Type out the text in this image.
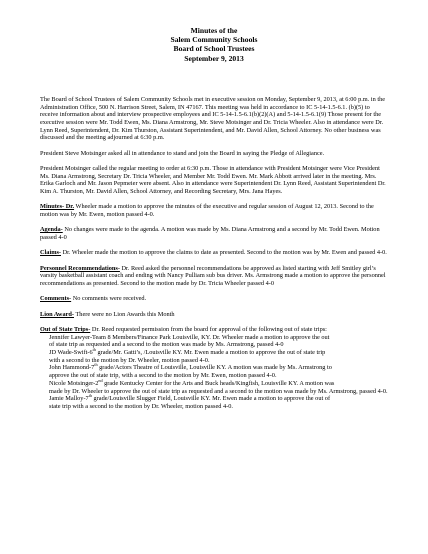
Minutes of the
Salem Community Schools
Board of School Trustees
September 9, 2013

The Board of School Trustees of Salem Community Schools met in executive session on Monday, September 9, 2013, at 6:00 p.m. in the Administration Office, 500 N. Harrison Street, Salem, IN 47167. This meeting was held in accordance to IC 5-14-1.5-6.1. (b)(5) to receive information about and interview prospective employees and IC 5-14-1.5-6.1(b)(2)(A) and 5-14-1.5-6.1(9) Those present for the executive session were Mr. Todd Ewen, Ms. Diana Armstrong, Mr. Steve Motsinger and Dr. Tricia Wheeler. Also in attendance were Dr. Lynn Reed, Superintendent, Dr. Kim Thurston, Assistant Superintendent, and Mr. David Allen, School Attorney. No other business was discussed and the meeting adjourned at 6:30 p.m.

President Steve Motsinger asked all in attendance to stand and join the Board in saying the Pledge of Allegiance.

President Motsinger called the regular meeting to order at 6:30 p.m. Those in attendance with President Motsinger were Vice President Ms. Diana Armstrong, Secretary Dr. Tricia Wheeler, and Member Mr. Todd Ewen. Mr. Mark Abbott arrived later in the meeting. Mrs. Erika Garloch and Mr. Jason Pepmeier were absent. Also in attendance were Superintendent Dr. Lynn Reed, Assistant Superintendent Dr. Kim A. Thurston, Mr. David Allen, School Attorney, and Recording Secretary, Mrs. Jana Hayes.

Minutes- Dr. Wheeler made a motion to approve the minutes of the executive and regular session of August 12, 2013. Second to the motion was by Mr. Ewen, motion passed 4-0.

Agenda- No changes were made to the agenda. A motion was made by Ms. Diana Armstrong and a second by Mr. Todd Ewen. Motion passed 4-0

Claims- Dr. Wheeler made the motion to approve the claims to date as presented. Second to the motion was by Mr. Ewen and passed 4-0.

Personnel Recommendations- Dr. Reed asked the personnel recommendations be approved as listed starting with Jeff Smitley girl’s varsity basketball assistant coach and ending with Nancy Pulliam sub bus driver. Ms. Armstrong made a motion to approve the personnel recommendations as presented. Second to the motion made by Dr. Tricia Wheeler passed 4-0

Comments- No comments were received.

Lion Award- There were no Lion Awards this Month

Out of State Trips- Dr. Reed requested permission from the board for approval of the following out of state trips:
Jennifer Lawyer-Team 8 Members/Finance Park Louisville, KY. Dr. Wheeler made a motion to approve the out
of state trip as requested and a second to the motion was made by Ms. Armstrong, passed 4-0
JD Wade-Swift-6th grade/Mr. Gatti’s, /Louisville KY. Mr. Ewen made a motion to approve the out of state trip
with a second to the motion by Dr. Wheeler, motion passed 4-0.
John Hammond-7th grade/Actors Theatre of Louisville, Louisville KY. A motion was made by Ms. Armstrong to
approve the out of state trip, with a second to the motion by Mr. Ewen, motion passed 4-0.
Nicole Motsinger-2nd grade Kentucky Center for the Arts and Buck heads/Kingfish, Louisville KY. A motion was
made by Dr. Wheeler to approve the out of state trip as requested and a second to the motion was made by Ms. Armstrong, passed 4-0.
Jamie Malloy-7th grade/Louisville Slugger Field, Louisville KY. Mr. Ewen made a motion to approve the out of
state trip with a second to the motion by Dr. Wheeler, motion passed 4-0.
